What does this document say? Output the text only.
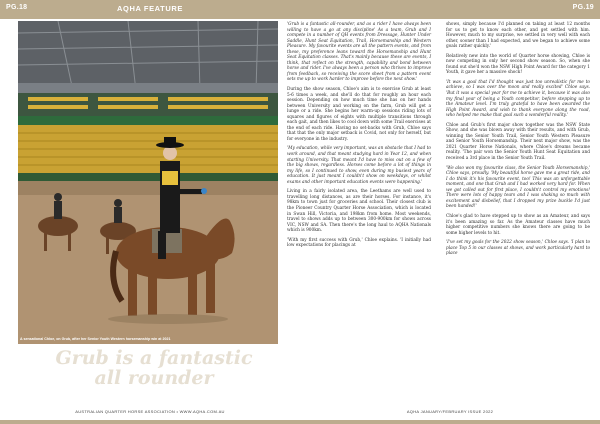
PG.18	AQHA FEATURE	PG.19
A sensational Chloe, on Grub, after her Senior Youth Western horsemanship win at 2021
Grub is a fantastic
all rounder

'Grub is a fantastic all-rounder, and as a rider I have always been willing to have a go at any discipline' As a team, Grub and I compete in a number of QH events from Dressage, Hunter Under Saddle, Hunt Seat Equitation, Trail, Horsemanship and Western Pleasure. My favourite events are all the pattern events, and from these, my preference leans toward the Horsemanship and Hunt Seat Equitation classes. That's mainly because these are events, I think, that reflect on the strength, capability and bond between horse and rider. I've always been a person who thrives to improve from feedback, so receiving the score sheet from a pattern event sets me up to work harder to improve before the next show.'

During the show season, Chloe's aim is to exercise Grub at least 5-6 times a week, and she'll do that for roughly an hour each session. Depending on how much time she has on her hands between University and working on the farm, Grub will get a lunge or a ride. She begins her warm-up sessions riding lots of squares and figures of eights with multiple transitions through each gait, and then likes to cool down with some Trail exercises at the end of each ride. Having no set-backs with Grub, Chloe says that that the only major setback is Covid, not only for herself, but for everyone in the industry.

'My education, while very important, was an obstacle that I had to work around, and that meant studying hard in Year 12, and when starting University. That meant I'd have to miss out on a few of the big shows, regardless. Horses come before a lot of things in my life, so I continued to show, even during my busiest years of education. It just meant I couldn't show on weekdays, or whilst exams and other important education events were happening.'

Living in a fairly isolated area, the Leethams are well used to travelling long distances, as are their horses. For instance, it's 98km to town just for groceries and school. Their closest club is the Pioneer Country Quarter Horse Association, which is located in Swan Hill, Victoria, and 198km from home. Most weekends, travel to shows adds up to between 300-900km for shows across VIC, NSW and SA. Then there's the long haul to AQHA Nationals which is 900km.

'With my first success with Grub,' Chloe explains. 'I initially had low expectations for placings at

shows, simply because I'd planned on taking at least 12 months for us to get to know each other, and get settled with him. However, much to my surprise, we settled in very well with each other, sooner than I had expected, and we began to achieve some goals rather quickly.'

Relatively new into the world of Quarter horse showing, Chloe is now competing in only her second show season. So, when she found out she'd won the NSW High Point Award for the category 1 Youth, it gave her a massive shock!

'It was a goal that I'd thought was just too unrealistic for me to achieve, so I was over the moon and really excited' Chloe says. 'But it was a special year for me to achieve it, because it was also my final year of being a Youth competitor, before stepping up to the Amateur level. I'm truly grateful to have been awarded the High Point Award, and wish to thank everyone along the road, who helped me make that goal such a wonderful reality.'

Chloe and Grub's first major show together was the NSW State Show, and she was blown away with their results, and with Grub, winning the Senior Youth Trail, Senior Youth Western Pleasure and Senior Youth Horsemanship. Their next major show, was the 2021 Quarter Horse Nationals, where Chloe's dreams became reality. 'The pair won the Senior Youth Hunt Seat Equitation and received a 3rd place in the Senior Youth Trail.

'We also won my favourite class, the Senior Youth Horsemanship,' Chloe says, proudly. 'My beautiful horse gave me a great ride, and I do think it's his favourite event, too! This was an unforgettable moment, and one that Grub and I had worked very hard for. When we got called out for first place, I couldn't control my emotions! There were lots of happy tears and I was shaking so much with excitement and disbelief, that I dropped my prize buckle I'd just been handed!'

Chloe's glad to have stepped up to show as an Amateur, and says it's been amazing so far. As the Amateur classes have much higher competitive numbers she knows there are going to be some higher levels to hit.

'I've set my goals for the 2022 show season,' Chloe says. 'I plan to place Top 5 in our classes at shows, and work particularly hard to place

AUSTRALIAN QUARTER HORSE ASSOCIATION • WWW.AQHA.COM.AU	AQHA JANUARY/FEBRUARY ISSUE 2022
